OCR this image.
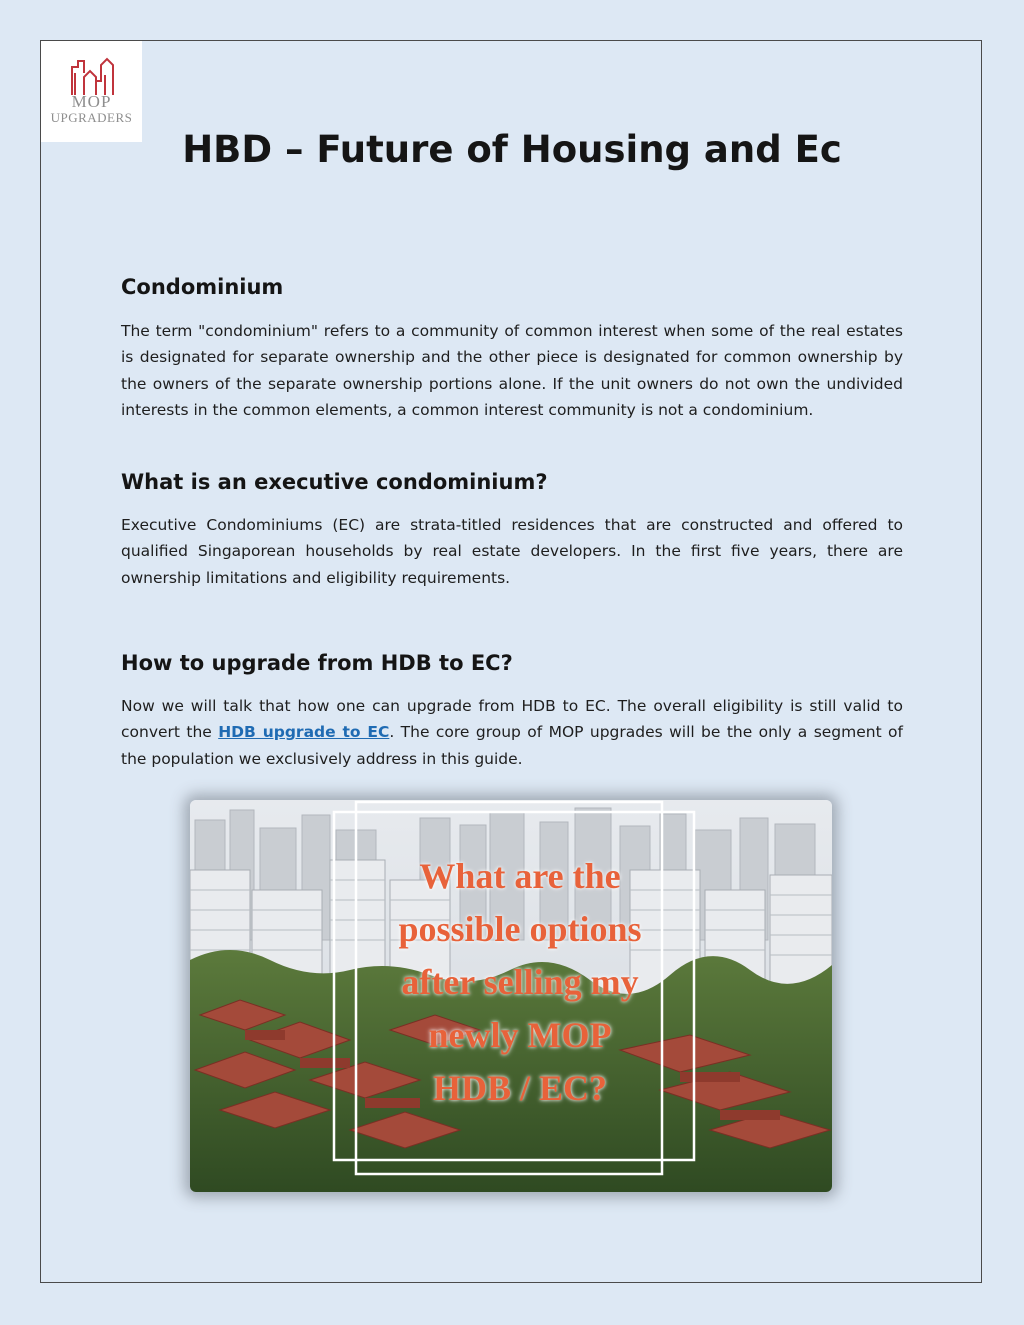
MOP
UPGRADERS
HBD – Future of Housing and Ec
Condominium

The term "condominium" refers to a community of common interest when some of the real estates is designated for separate ownership and the other piece is designated for common ownership by the owners of the separate ownership portions alone. If the unit owners do not own the undivided interests in the common elements, a common interest community is not a condominium.

What is an executive condominium?

Executive Condominiums (EC) are strata-titled residences that are constructed and offered to qualified Singaporean households by real estate developers. In the first five years, there are ownership limitations and eligibility requirements.

How to upgrade from HDB to EC?

Now we will talk that how one can upgrade from HDB to EC. The overall eligibility is still valid to convert the HDB upgrade to EC. The core group of MOP upgrades will be the only a segment of the population we exclusively address in this guide.

What are the
possible options
after selling my
newly MOP
HDB / EC?
